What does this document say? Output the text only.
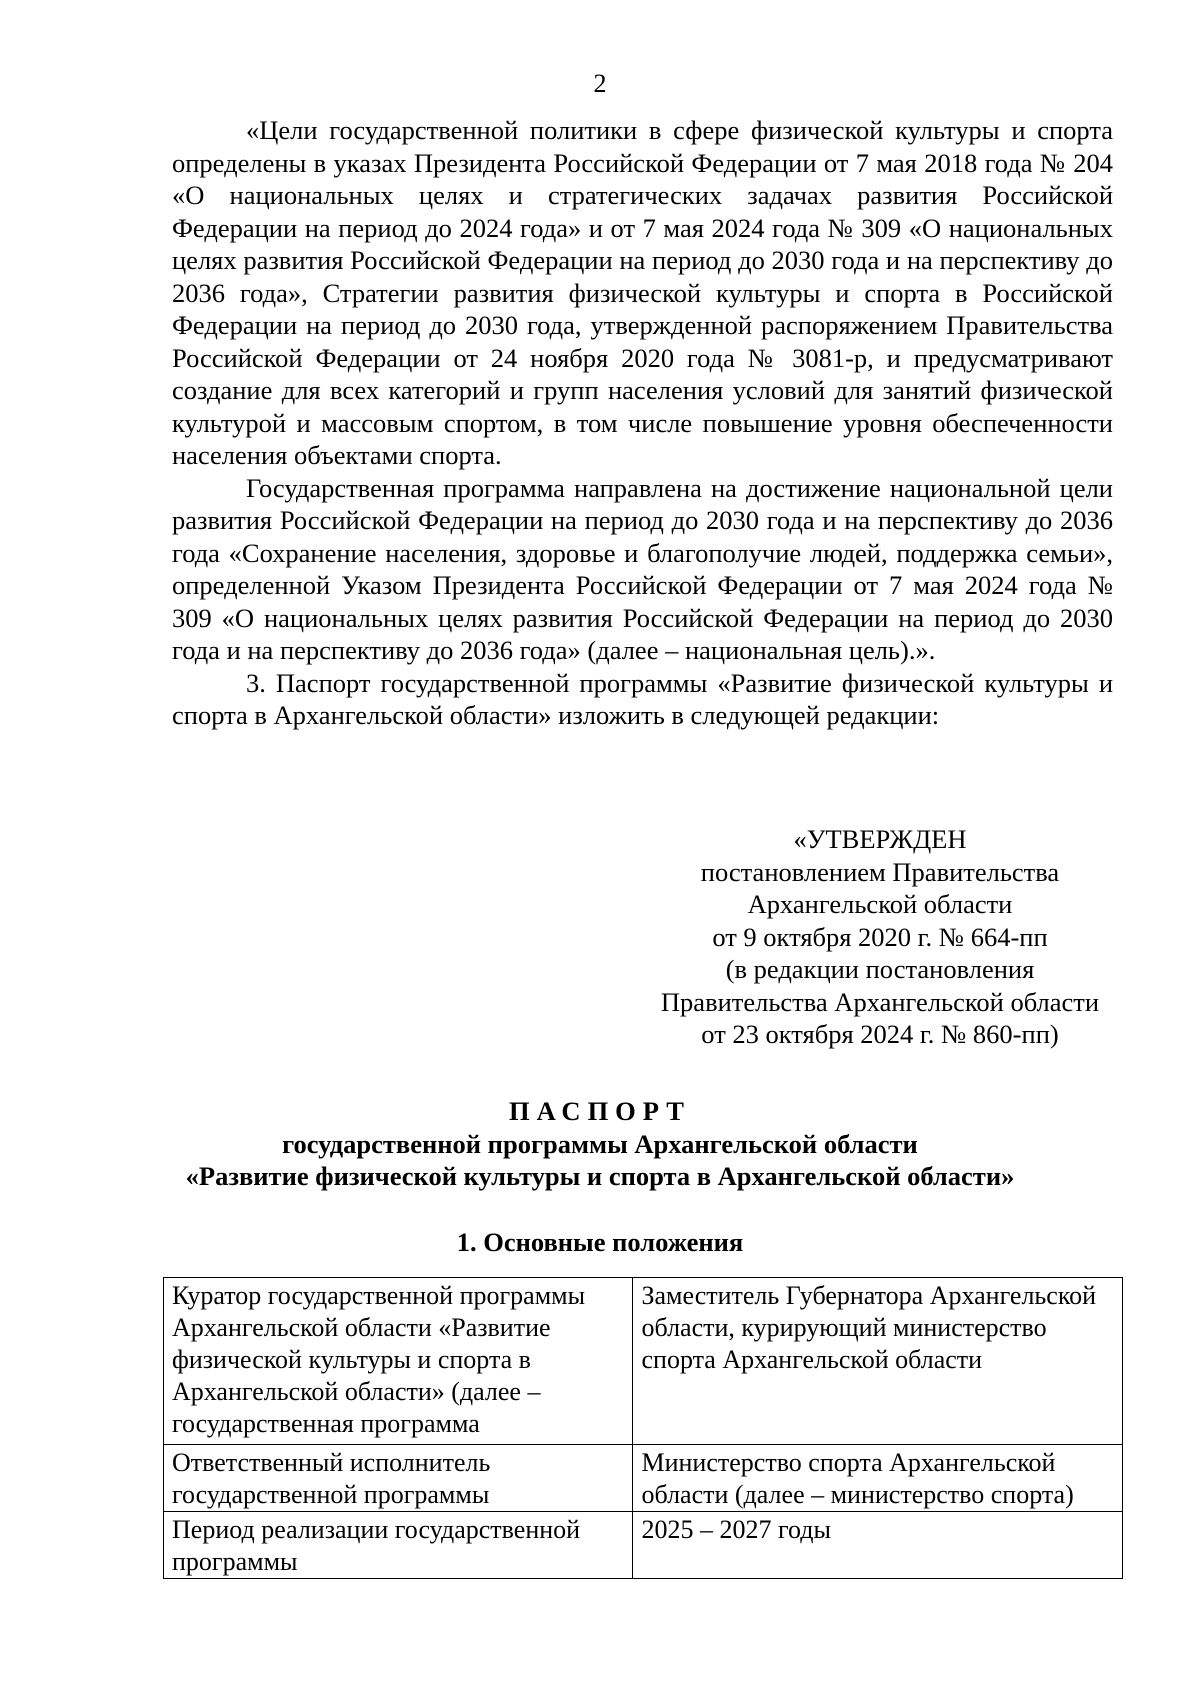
2

«Цели государственной политики в сфере физической культуры и спорта определены в указах Президента Российской Федерации от 7 мая 2018 года № 204 «О национальных целях и стратегических задачах развития Российской Федерации на период до 2024 года» и от 7 мая 2024 года № 309 «О национальных целях развития Российской Федерации на период до 2030 года и на перспективу до 2036 года», Стратегии развития физической культуры и спорта в Российской Федерации на период до 2030 года, утвержденной распоряжением Правительства Российской Федерации от 24 ноября 2020 года № 3081-р, и предусматривают создание для всех категорий и групп населения условий для занятий физической культурой и массовым спортом, в том числе повышение уровня обеспеченности населения объектами спорта.

Государственная программа направлена на достижение национальной цели развития Российской Федерации на период до 2030 года и на перспективу до 2036 года «Сохранение населения, здоровье и благополучие людей, поддержка семьи», определенной Указом Президента Российской Федерации от 7 мая 2024 года № 309 «О национальных целях развития Российской Федерации на период до 2030 года и на перспективу до 2036 года» (далее – национальная цель).».

3. Паспорт государственной программы «Развитие физической культуры и спорта в Архангельской области» изложить в следующей редакции:

«УТВЕРЖДЕН
постановлением Правительства
Архангельской области
от 9 октября 2020 г. № 664-пп
(в редакции постановления
Правительства Архангельской области
от 23 октября 2024 г. № 860-пп)
ПАСПОРТ
государственной программы Архангельской области
«Развитие физической культуры и спорта в Архангельской области»
1. Основные положения
Куратор государственной программы Архангельской области «Развитие физической культуры и спорта в Архангельской области» (далее – государственная программа	Заместитель Губернатора Архангельской области, курирующий министерство спорта Архангельской области
Ответственный исполнитель государственной программы	Министерство спорта Архангельской области (далее – министерство спорта)
Период реализации государственной программы	2025 – 2027 годы
